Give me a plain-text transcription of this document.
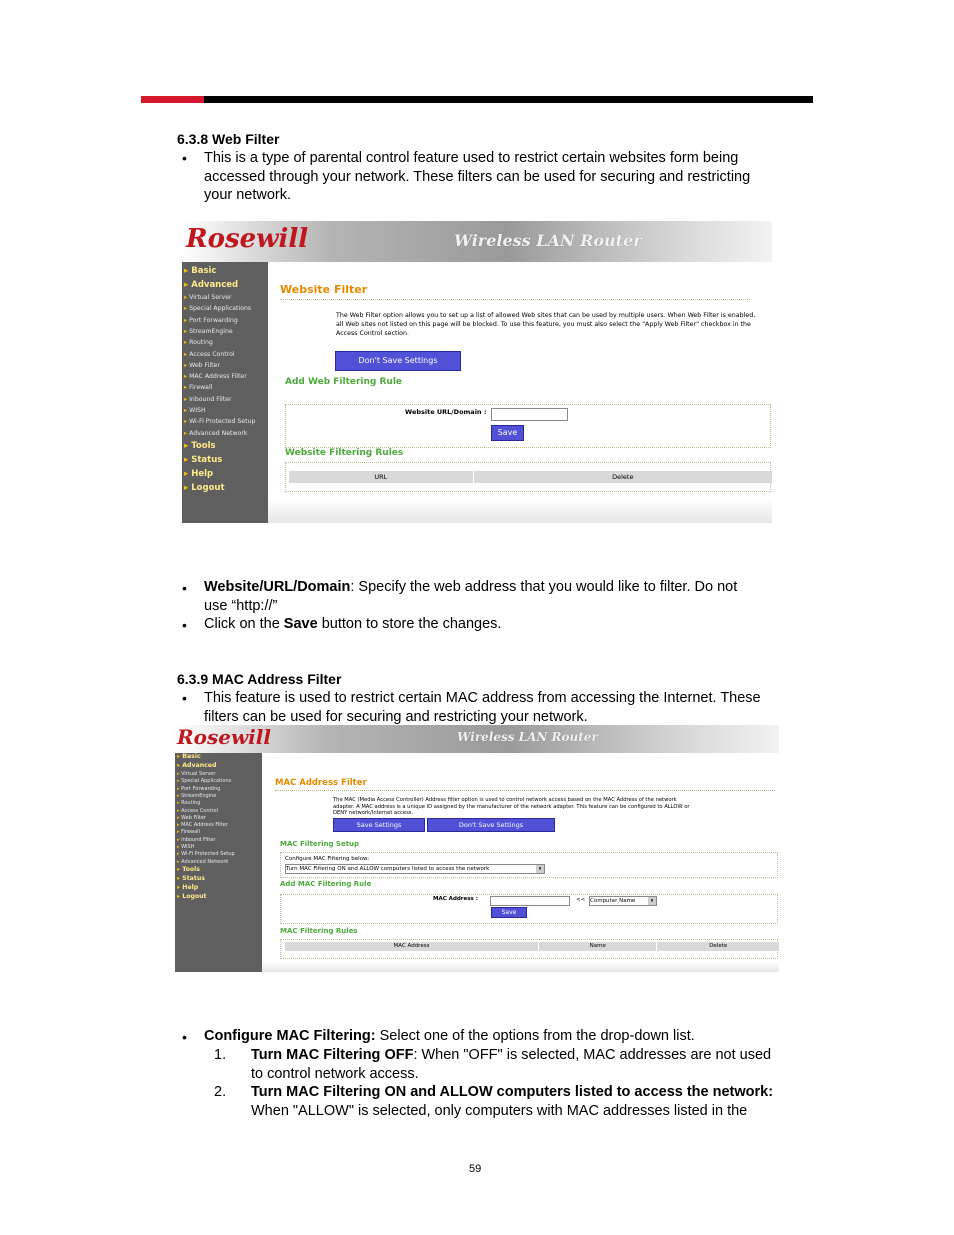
6.3.8 Web Filter
• This is a type of parental control feature used to restrict certain websites form being
accessed through your network. These filters can be used for securing and restricting
your network.
Rosewill	Wireless LAN Router
Website Filter
The Web Filter option allows you to set up a list of allowed Web sites that can be used by multiple users. When Web Filter is enabled,
all Web sites not listed on this page will be blocked. To use this feature, you must also select the "Apply Web Filter" checkbox in the
Access Control section.
Don't Save Settings
Add Web Filtering Rule
Website URL/Domain :
Save
Website Filtering Rules
URL	Delete
▸ Basic
▸ Advanced
▸ Virtual Server
▸ Special Applications
▸ Port Forwarding
▸ StreamEngine
▸ Routing
▸ Access Control
▸ Web Filter
▸ MAC Address Filter
▸ Firewall
▸ Inbound Filter
▸ WISH
▸ Wi-Fi Protected Setup
▸ Advanced Network
▸ Tools
▸ Status
▸ Help
▸ Logout
• Website/URL/Domain: Specify the web address that you would like to filter. Do not
use “http://”
• Click on the Save button to store the changes.
6.3.9 MAC Address Filter
• This feature is used to restrict certain MAC address from accessing the Internet. These
filters can be used for securing and restricting your network.
Rosewill	Wireless LAN Router
MAC Address Filter
The MAC (Media Access Controller) Address filter option is used to control network access based on the MAC Address of the network
adapter. A MAC address is a unique ID assigned by the manufacturer of the network adapter. This feature can be configured to ALLOW or
DENY network/Internet access.
Save Settings	Don't Save Settings
MAC Filtering Setup
Configure MAC Filtering below:
Turn MAC Filtering ON and ALLOW computers listed to access the network	▾
Add MAC Filtering Rule
MAC Address :	<< Computer Name	▾
Save
MAC Filtering Rules
MAC Address	Name	Delete
▸ Basic
▸ Advanced
▸ Virtual Server
▸ Special Applications
▸ Port Forwarding
▸ StreamEngine
▸ Routing
▸ Access Control
▸ Web Filter
▸ MAC Address Filter
▸ Firewall
▸ Inbound Filter
▸ WISH
▸ Wi-Fi Protected Setup
▸ Advanced Network
▸ Tools
▸ Status
▸ Help
▸ Logout
• Configure MAC Filtering: Select one of the options from the drop-down list.
1. Turn MAC Filtering OFF: When "OFF" is selected, MAC addresses are not used
to control network access.
2. Turn MAC Filtering ON and ALLOW computers listed to access the network:
When "ALLOW" is selected, only computers with MAC addresses listed in the
59
